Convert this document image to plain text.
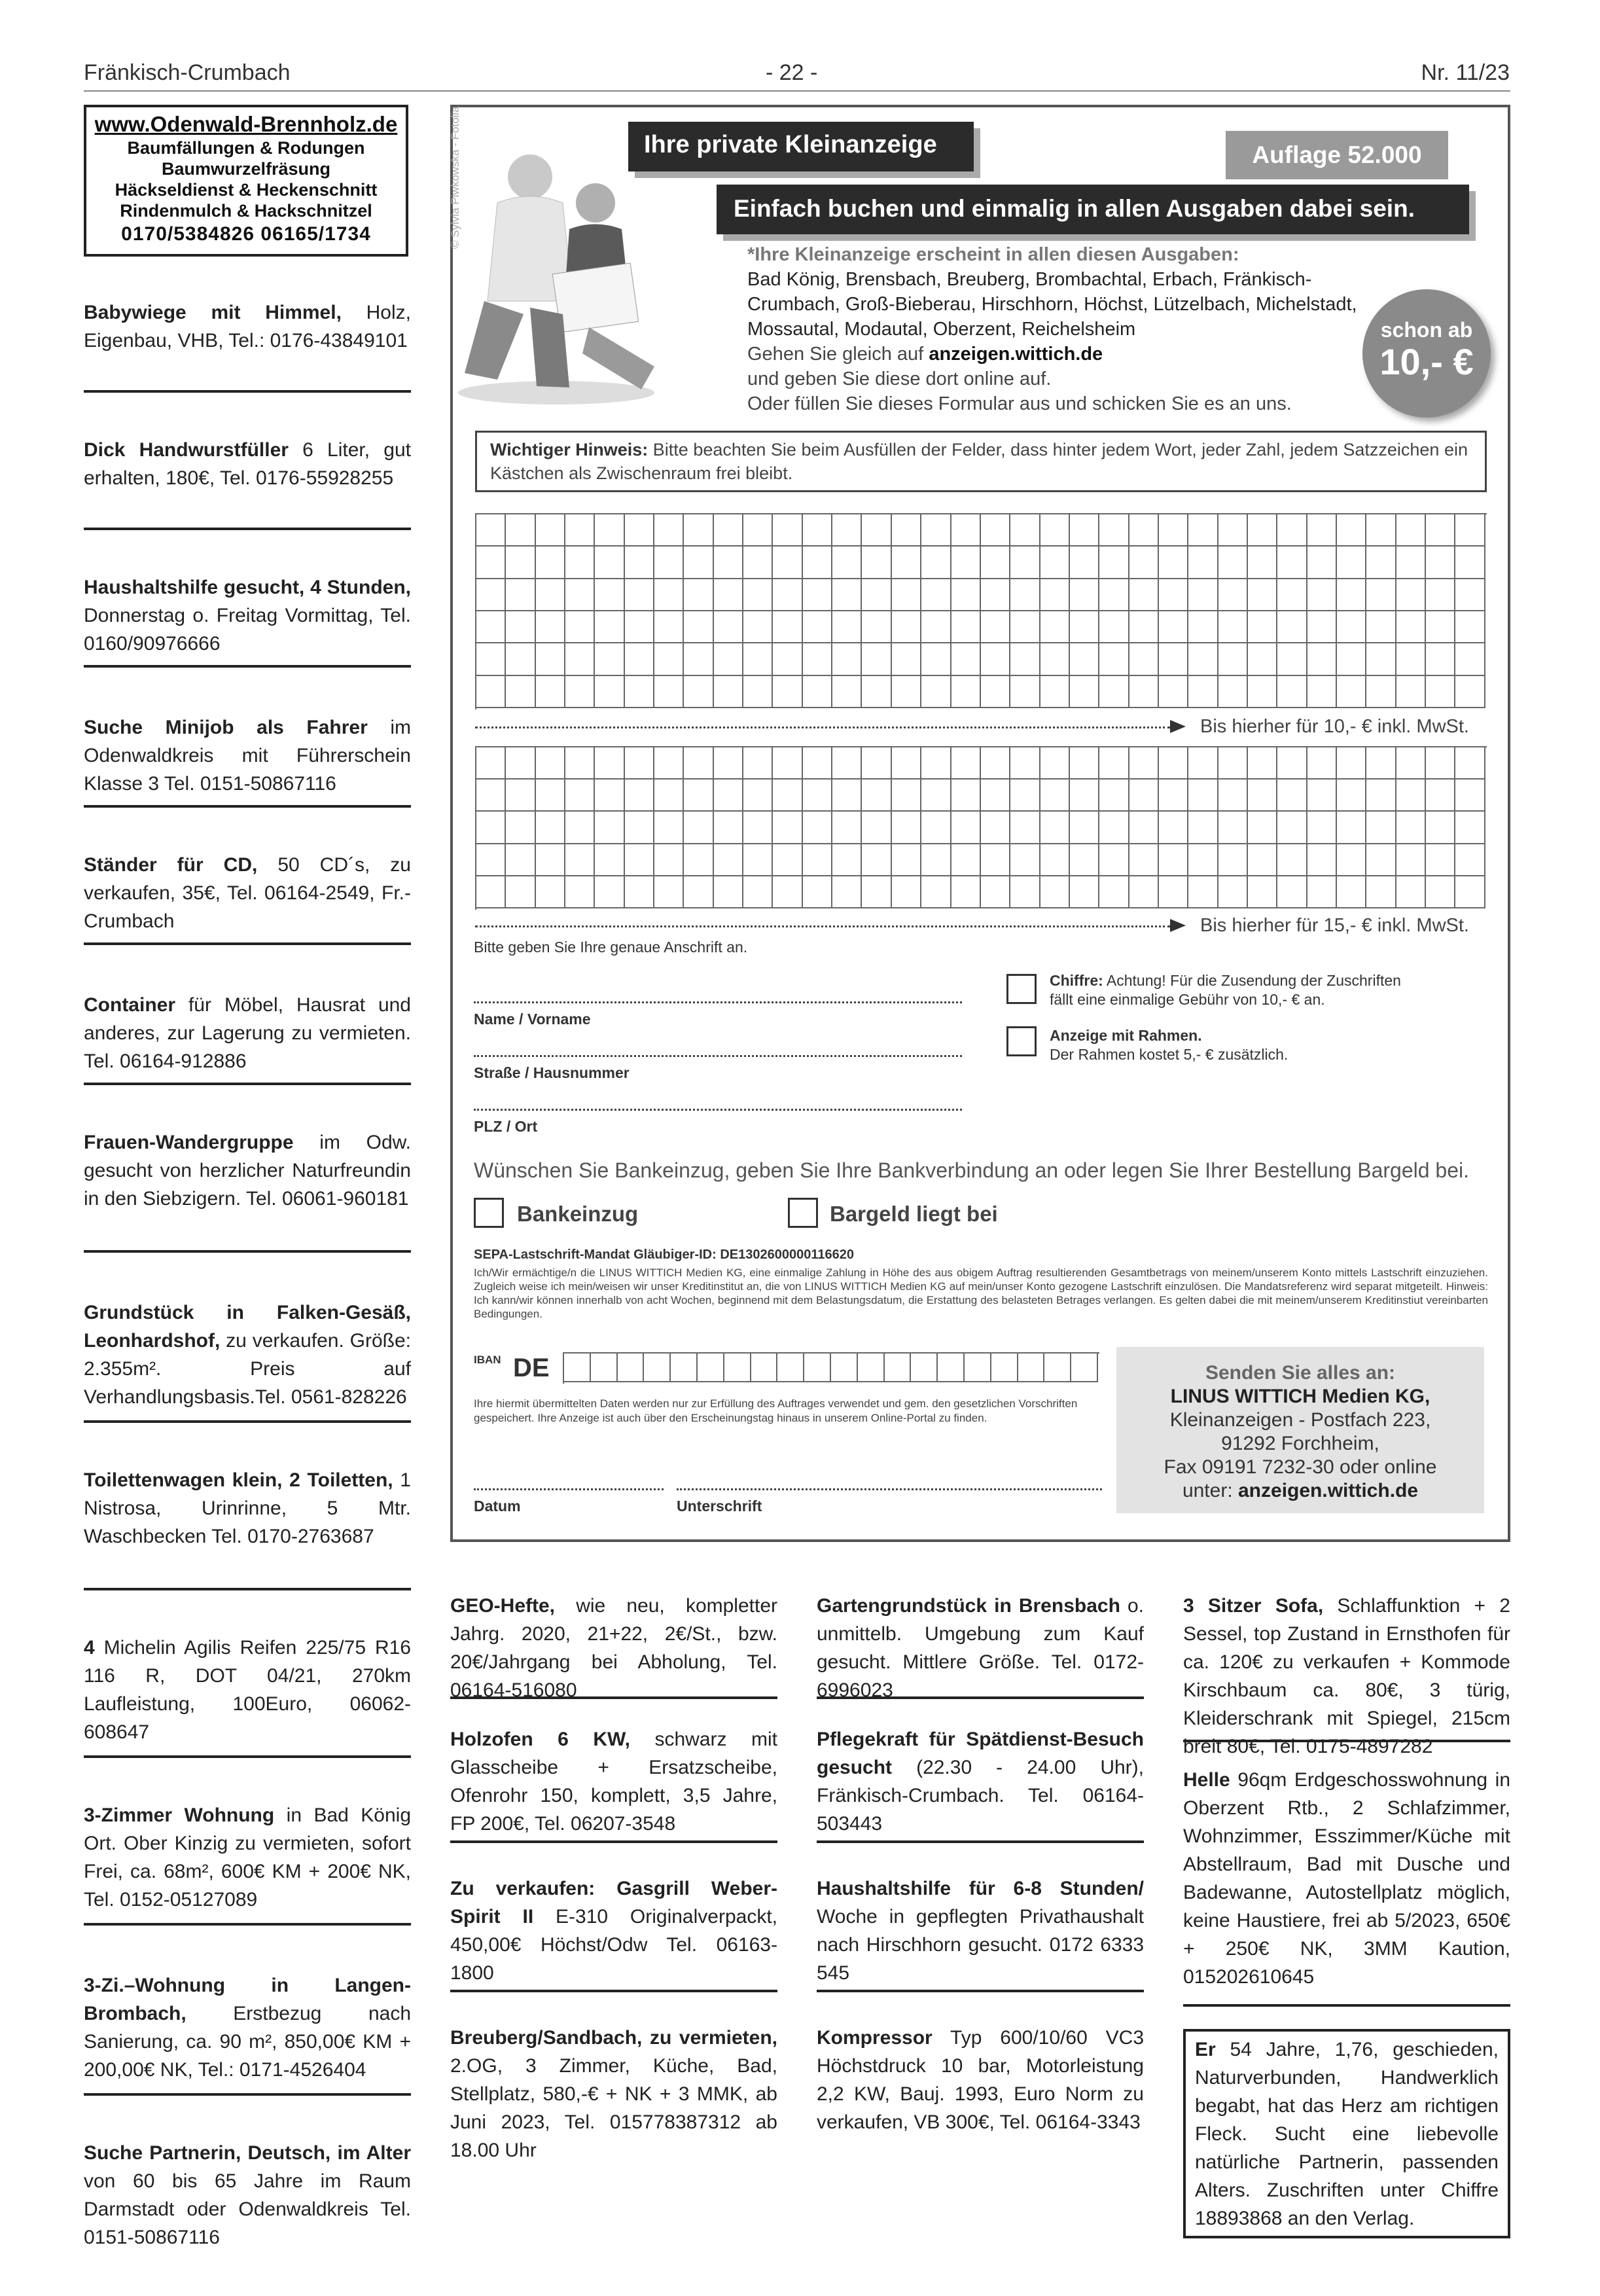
Fränkisch-Crumbach	- 22 -	Nr. 11/23
www.Odenwald-Brennholz.de
Baumfällungen & Rodungen
Baumwurzelfräsung
Häckseldienst & Heckenschnitt
Rindenmulch & Hackschnitzel
0170/5384826 06165/1734
Babywiege mit Himmel, Holz, Eigenbau, VHB, Tel.: 0176-43849101
Dick Handwurstfüller 6 Liter, gut erhalten, 180€, Tel. 0176-55928255
Haushaltshilfe gesucht, 4 Stunden, Donnerstag o. Freitag Vormittag, Tel. 0160/90976666
Suche Minijob als Fahrer im Odenwaldkreis mit Führerschein Klasse 3 Tel. 0151-50867116
Ständer für CD, 50 CD´s, zu verkaufen, 35€, Tel. 06164-2549, Fr.-Crumbach
Container für Möbel, Hausrat und anderes, zur Lagerung zu vermieten. Tel. 06164-912886
Frauen-Wandergruppe im Odw. gesucht von herzlicher Naturfreundin in den Siebzigern. Tel. 06061-960181
Grundstück in Falken-Gesäß, Leonhardshof, zu verkaufen. Größe: 2.355m². Preis auf Verhandlungsbasis.Tel. 0561-828226
Toilettenwagen klein, 2 Toiletten, 1 Nistrosa, Urinrinne, 5 Mtr. Waschbecken Tel. 0170-2763687
4 Michelin Agilis Reifen 225/75 R16 116 R, DOT 04/21, 270km Laufleistung, 100Euro, 06062-608647
3-Zimmer Wohnung in Bad König Ort. Ober Kinzig zu vermieten, sofort Frei, ca. 68m², 600€ KM + 200€ NK, Tel. 0152-05127089
3-Zi.–Wohnung in Langen-Brombach, Erstbezug nach Sanierung, ca. 90 m², 850,00€ KM + 200,00€ NK, Tel.: 0171-4526404
Suche Partnerin, Deutsch, im Alter von 60 bis 65 Jahre im Raum Darmstadt oder Odenwaldkreis Tel. 0151-50867116
GEO-Hefte, wie neu, kompletter Jahrg. 2020, 21+22, 2€/St., bzw. 20€/Jahrgang bei Abholung, Tel. 06164-516080
Holzofen 6 KW, schwarz mit Glasscheibe + Ersatzscheibe, Ofenrohr 150, komplett, 3,5 Jahre, FP 200€, Tel. 06207-3548
Zu verkaufen: Gasgrill Weber-Spirit II E-310 Originalverpackt, 450,00€ Höchst/Odw Tel. 06163-1800
Breuberg/Sandbach, zu vermieten, 2.OG, 3 Zimmer, Küche, Bad, Stellplatz, 580,-€ + NK + 3 MMK, ab Juni 2023, Tel. 015778387312 ab 18.00 Uhr
Gartengrundstück in Brensbach o. unmittelb. Umgebung zum Kauf gesucht. Mittlere Größe. Tel. 0172-6996023
Pflegekraft für Spätdienst-Besuch gesucht (22.30 - 24.00 Uhr), Fränkisch-Crumbach. Tel. 06164-503443
Haushaltshilfe für 6-8 Stunden/ Woche in gepflegten Privathaushalt nach Hirschhorn gesucht. 0172 6333 545
Kompressor Typ 600/10/60 VC3 Höchstdruck 10 bar, Motorleistung 2,2 KW, Bauj. 1993, Euro Norm zu verkaufen, VB 300€, Tel. 06164-3343
3 Sitzer Sofa, Schlaffunktion + 2 Sessel, top Zustand in Ernsthofen für ca. 120€ zu verkaufen + Kommode Kirschbaum ca. 80€, 3 türig, Kleiderschrank mit Spiegel, 215cm breit 80€, Tel. 0175-4897282
Helle 96qm Erdgeschosswohnung in Oberzent Rtb., 2 Schlafzimmer, Wohnzimmer, Esszimmer/Küche mit Abstellraum, Bad mit Dusche und Badewanne, Autostellplatz möglich, keine Haustiere, frei ab 5/2023, 650€ + 250€ NK, 3MM Kaution, 015202610645
Er 54 Jahre, 1,76, geschieden, Naturverbunden, Handwerklich begabt, hat das Herz am richtigen Fleck. Sucht eine liebevolle natürliche Partnerin, passenden Alters. Zuschriften unter Chiffre 18893868 an den Verlag.
© Sylvia Piwkowska - Fotolia	Ihre private Kleinanzeige	Auflage 52.000
Einfach buchen und einmalig in allen Ausgaben dabei sein.
*Ihre Kleinanzeige erscheint in allen diesen Ausgaben:
Bad König, Brensbach, Breuberg, Brombachtal, Erbach, Fränkisch-
Crumbach, Groß-Bieberau, Hirschhorn, Höchst, Lützelbach, Michelstadt,
Mossautal, Modautal, Oberzent, Reichelsheim
Gehen Sie gleich auf anzeigen.wittich.de
und geben Sie diese dort online auf.
Oder füllen Sie dieses Formular aus und schicken Sie es an uns.
schon ab
10,- €
Wichtiger Hinweis: Bitte beachten Sie beim Ausfüllen der Felder, dass hinter jedem Wort, jeder Zahl, jedem Satzzeichen ein Kästchen als Zwischenraum frei bleibt.
Bis hierher für 10,- € inkl. MwSt.
Bis hierher für 15,- € inkl. MwSt.
Bitte geben Sie Ihre genaue Anschrift an.
Name / Vorname
Straße / Hausnummer
PLZ / Ort
Chiffre: Achtung! Für die Zusendung der Zuschriften
fällt eine einmalige Gebühr von 10,- € an.
Anzeige mit Rahmen.
Der Rahmen kostet 5,- € zusätzlich.
Wünschen Sie Bankeinzug, geben Sie Ihre Bankverbindung an oder legen Sie Ihrer Bestellung Bargeld bei.
Bankeinzug	Bargeld liegt bei
SEPA-Lastschrift-Mandat Gläubiger-ID: DE1302600000116620
Ich/Wir ermächtige/n die LINUS WITTICH Medien KG, eine einmalige Zahlung in Höhe des aus obigem Auftrag resultierenden Gesamtbetrags von meinem/unserem Konto mittels Lastschrift einzuziehen. Zugleich weise ich mein/weisen wir unser Kreditinstitut an, die von LINUS WITTICH Medien KG auf mein/unser Konto gezogene Lastschrift einzulösen. Die Mandatsreferenz wird separat mitgeteilt. Hinweis: Ich kann/wir können innerhalb von acht Wochen, beginnend mit dem Belastungsdatum, die Erstattung des belasteten Betrages verlangen. Es gelten dabei die mit meinem/unserem Kreditinstiut vereinbarten Bedingungen.
IBAN DE
Ihre hiermit übermittelten Daten werden nur zur Erfüllung des Auftrages verwendet und gem. den gesetzlichen Vorschriften gespeichert. Ihre Anzeige ist auch über den Erscheinungstag hinaus in unserem Online-Portal zu finden.
Datum	Unterschrift
Senden Sie alles an:
LINUS WITTICH Medien KG,
Kleinanzeigen - Postfach 223,
91292 Forchheim,
Fax 09191 7232-30 oder online
unter: anzeigen.wittich.de
